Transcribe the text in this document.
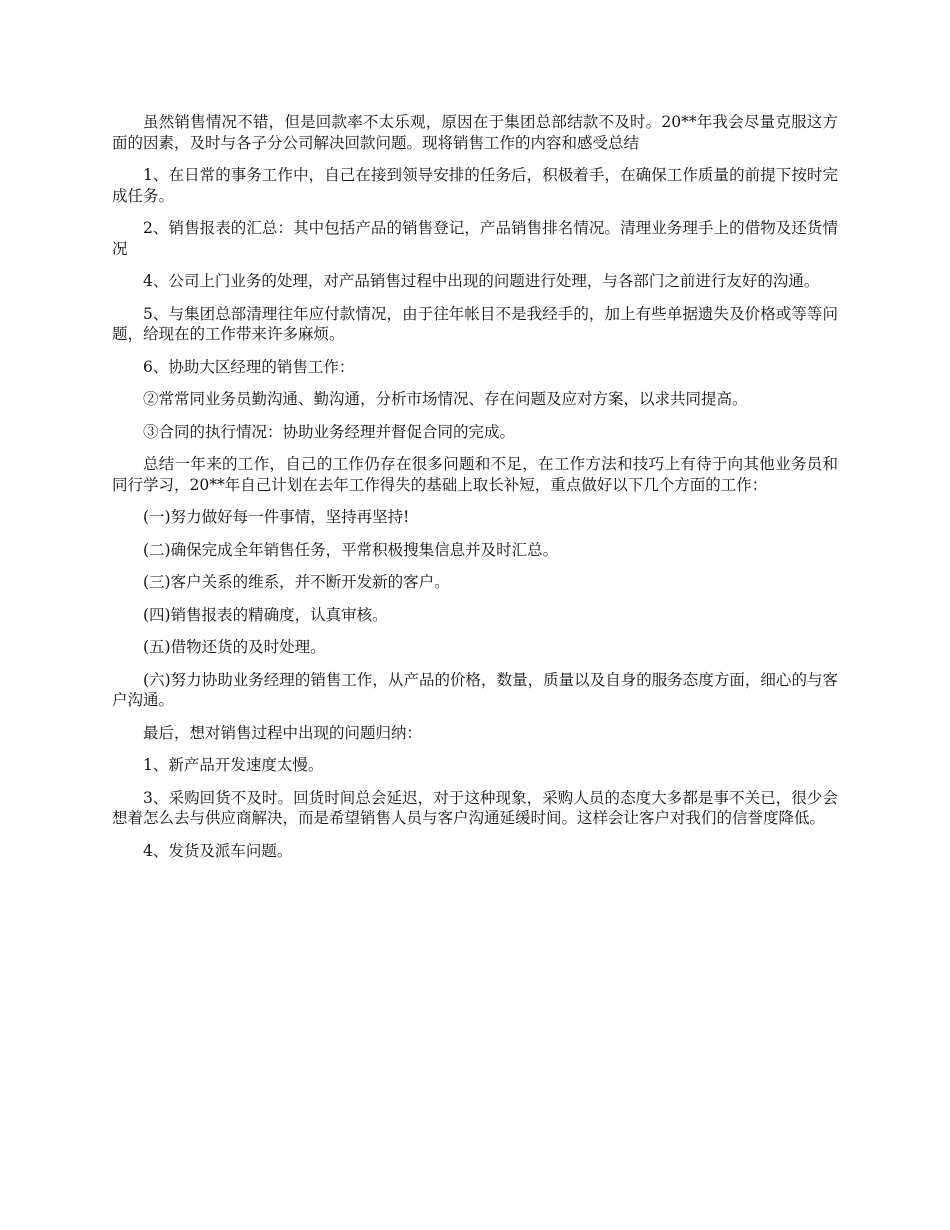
虽然销售情况不错，但是回款率不太乐观，原因在于集团总部结款不及时。20**年我会尽量克服这方面的因素，及时与各子分公司解决回款问题。现将销售工作的内容和感受总结

1、在日常的事务工作中，自己在接到领导安排的任务后，积极着手，在确保工作质量的前提下按时完成任务。

2、销售报表的汇总：其中包括产品的销售登记，产品销售排名情况。清理业务理手上的借物及还货情况

4、公司上门业务的处理，对产品销售过程中出现的问题进行处理，与各部门之前进行友好的沟通。

5、与集团总部清理往年应付款情况，由于往年帐目不是我经手的，加上有些单据遗失及价格或等等问题，给现在的工作带来许多麻烦。

6、协助大区经理的销售工作：

②常常同业务员勤沟通、勤沟通，分析市场情况、存在问题及应对方案，以求共同提高。

③合同的执行情况：协助业务经理并督促合同的完成。

总结一年来的工作，自己的工作仍存在很多问题和不足，在工作方法和技巧上有待于向其他业务员和同行学习，20**年自己计划在去年工作得失的基础上取长补短，重点做好以下几个方面的工作：

(一)努力做好每一件事情，坚持再坚持!

(二)确保完成全年销售任务，平常积极搜集信息并及时汇总。

(三)客户关系的维系，并不断开发新的客户。

(四)销售报表的精确度，认真审核。

(五)借物还货的及时处理。

(六)努力协助业务经理的销售工作，从产品的价格，数量，质量以及自身的服务态度方面，细心的与客户沟通。

最后，想对销售过程中出现的问题归纳：

1、新产品开发速度太慢。

3、采购回货不及时。回货时间总会延迟，对于这种现象，采购人员的态度大多都是事不关已，很少会想着怎么去与供应商解决，而是希望销售人员与客户沟通延缓时间。这样会让客户对我们的信誉度降低。

4、发货及派车问题。
